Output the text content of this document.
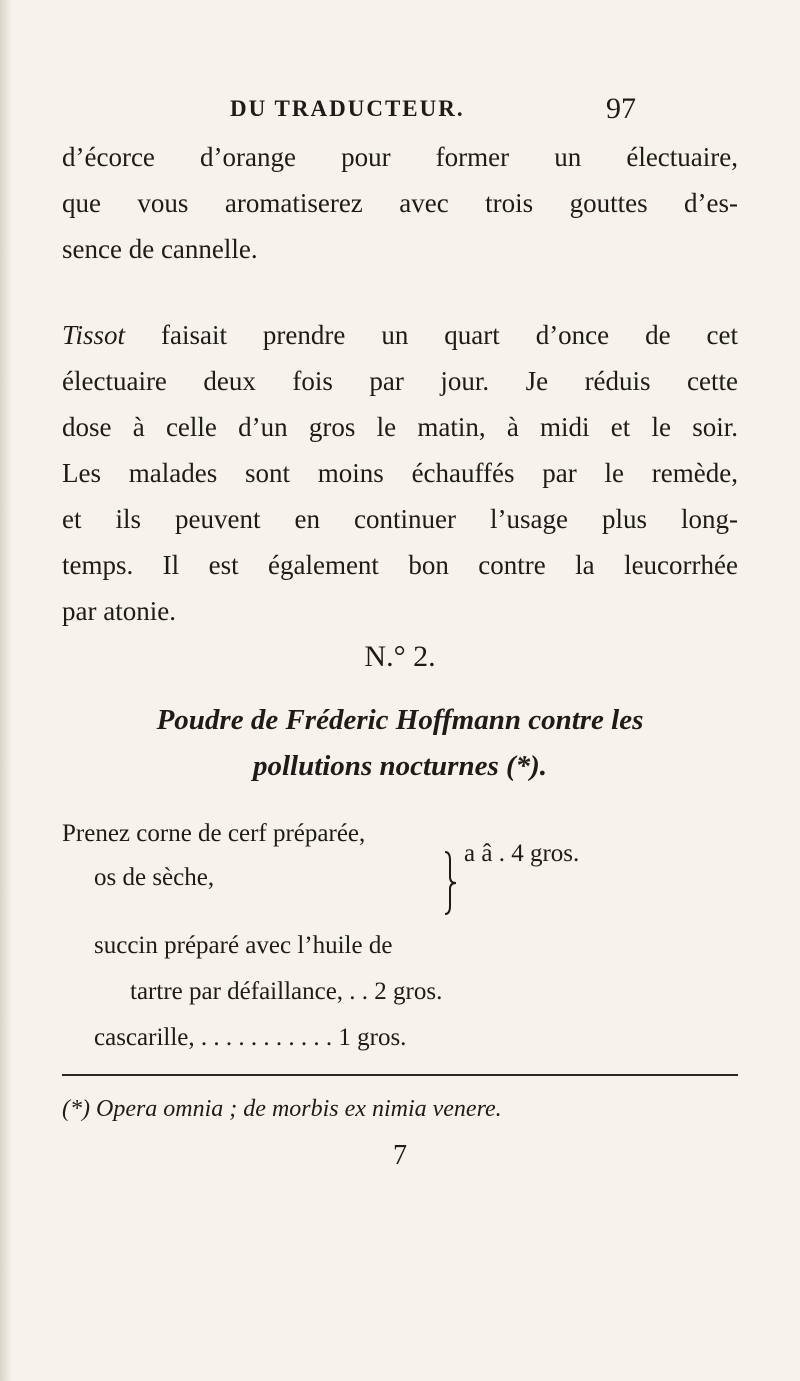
DU TRADUCTEUR.	97
d’écorce d’orange pour former un électuaire,
que vous aromatiserez avec trois gouttes d’es-
sence de cannelle.
Tissot faisait prendre un quart d’once de cet
électuaire deux fois par jour. Je réduis cette
dose à celle d’un gros le matin, à midi et le soir.
Les malades sont moins échauffés par le remède,
et ils peuvent en continuer l’usage plus long-
temps. Il est également bon contre la leucorrhée
par atonie.
N.° 2.
Poudre de Fréderic Hoffmann contre les
pollutions nocturnes (*).
Prenez corne de cerf préparée,
os de sèche,
a â . 4 gros.
succin préparé avec l’huile de
tartre par défaillance, . . 2 gros.
cascarille, . . . . . . . . . . . 1 gros.
(*) Opera omnia ; de morbis ex nimia venere.
7
